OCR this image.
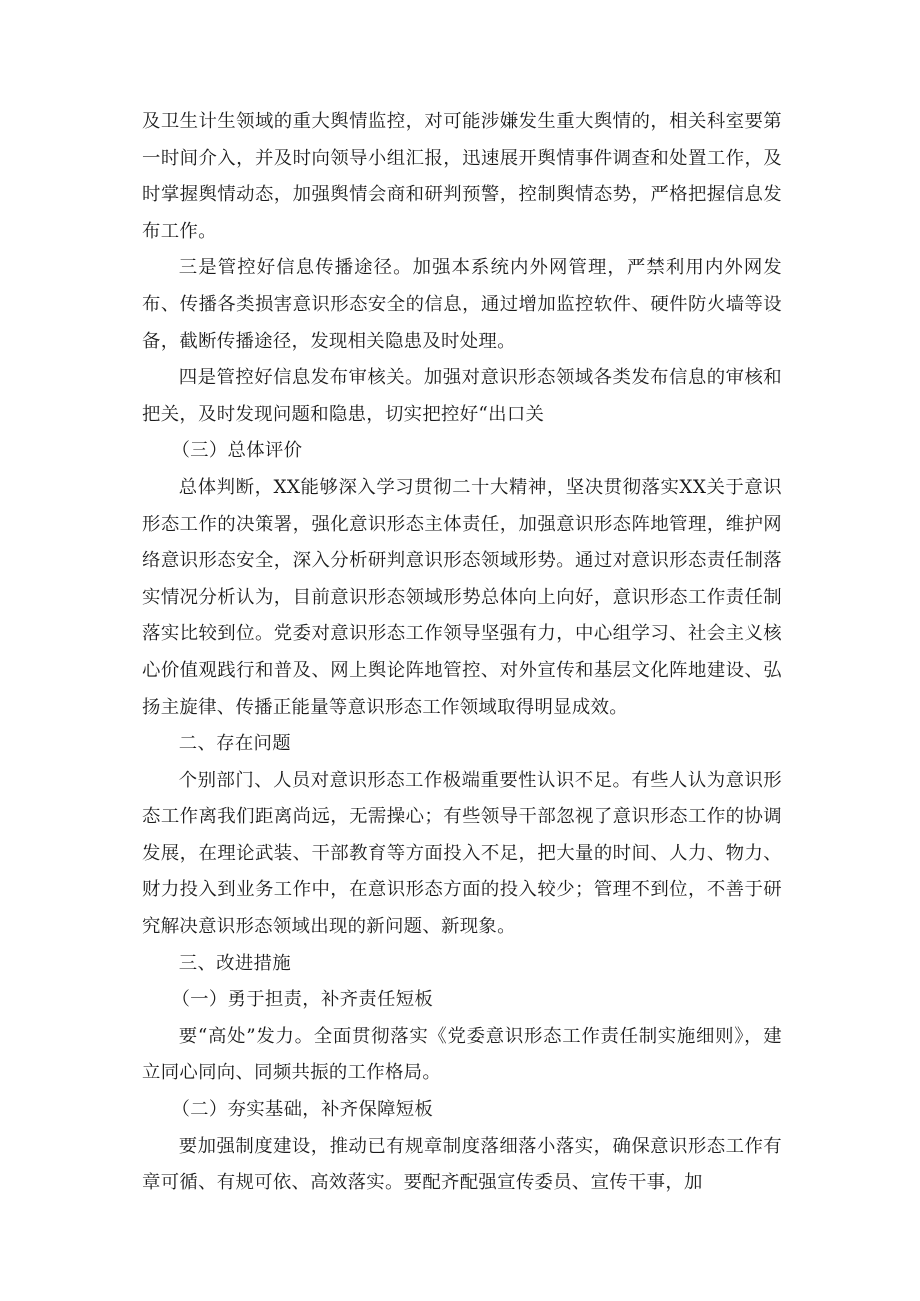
及卫生计生领域的重大舆情监控，对可能涉嫌发生重大舆情的，相关科室要第一时间介入，并及时向领导小组汇报，迅速展开舆情事件调查和处置工作，及时掌握舆情动态，加强舆情会商和研判预警，控制舆情态势，严格把握信息发布工作。

三是管控好信息传播途径。加强本系统内外网管理，严禁利用内外网发布、传播各类损害意识形态安全的信息，通过增加监控软件、硬件防火墙等设备，截断传播途径，发现相关隐患及时处理。

四是管控好信息发布审核关。加强对意识形态领域各类发布信息的审核和把关，及时发现问题和隐患，切实把控好“出口关

（三）总体评价

总体判断，XX能够深入学习贯彻二十大精神，坚决贯彻落实XX关于意识形态工作的决策署，强化意识形态主体责任，加强意识形态阵地管理，维护网络意识形态安全，深入分析研判意识形态领域形势。通过对意识形态责任制落实情况分析认为，目前意识形态领域形势总体向上向好，意识形态工作责任制落实比较到位。党委对意识形态工作领导坚强有力，中心组学习、社会主义核心价值观践行和普及、网上舆论阵地管控、对外宣传和基层文化阵地建设、弘扬主旋律、传播正能量等意识形态工作领域取得明显成效。

二、存在问题

个别部门、人员对意识形态工作极端重要性认识不足。有些人认为意识形态工作离我们距离尚远，无需操心；有些领导干部忽视了意识形态工作的协调发展，在理论武装、干部教育等方面投入不足，把大量的时间、人力、物力、财力投入到业务工作中，在意识形态方面的投入较少；管理不到位，不善于研究解决意识形态领域出现的新问题、新现象。

三、改进措施

（一）勇于担责，补齐责任短板

要“高处”发力。全面贯彻落实《党委意识形态工作责任制实施细则》，建立同心同向、同频共振的工作格局。

（二）夯实基础，补齐保障短板

要加强制度建设，推动已有规章制度落细落小落实，确保意识形态工作有章可循、有规可依、高效落实。要配齐配强宣传委员、宣传干事，加
